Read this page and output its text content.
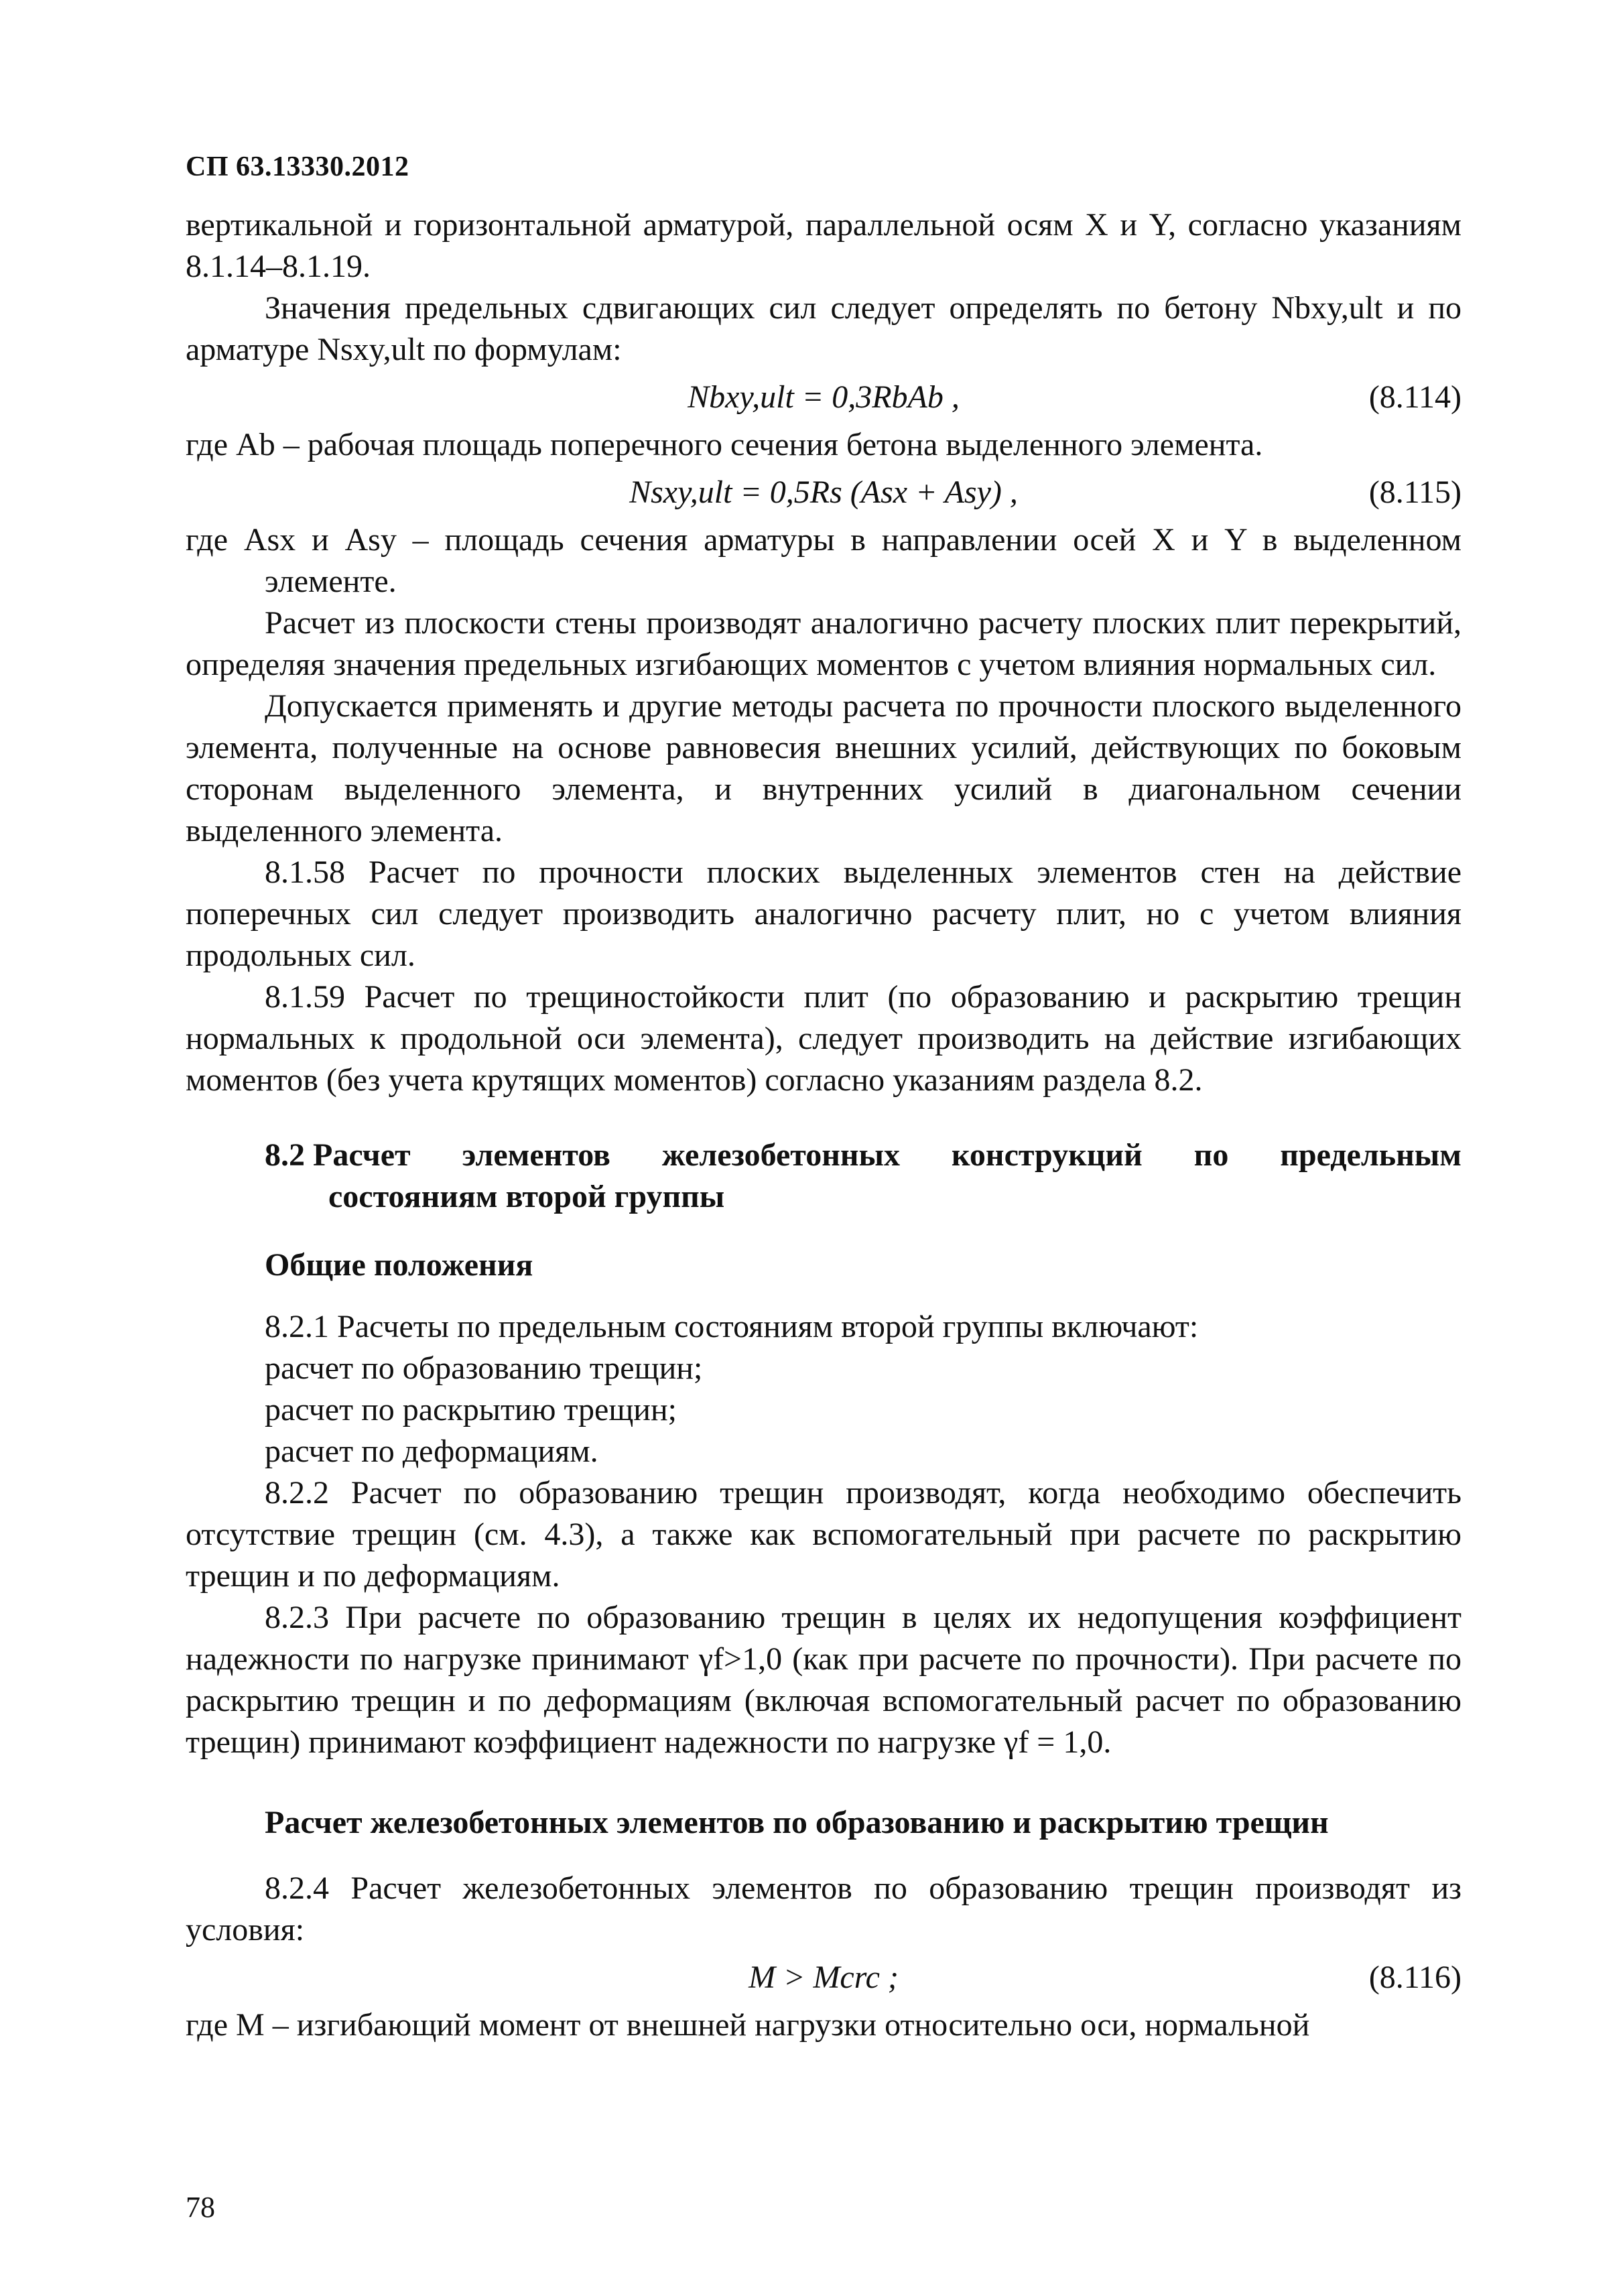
СП 63.13330.2012

вертикальной и горизонтальной арматурой, параллельной осям X и Y, согласно указаниям 8.1.14–8.1.19.

Значения предельных сдвигающих сил следует определять по бетону Nbxy,ult и по арматуре Nsxy,ult по формулам:

Nbxy,ult = 0,3RbAb ,	(8.114)

где Ab – рабочая площадь поперечного сечения бетона выделенного элемента.

Nsxy,ult = 0,5Rs (Asx + Asy) ,	(8.115)

где Asx и Asy – площадь сечения арматуры в направлении осей X и Y в выделенном элементе.

Расчет из плоскости стены производят аналогично расчету плоских плит перекрытий, определяя значения предельных изгибающих моментов с учетом влияния нормальных сил.

Допускается применять и другие методы расчета по прочности плоского выделенного элемента, полученные на основе равновесия внешних усилий, действующих по боковым сторонам выделенного элемента, и внутренних усилий в диагональном сечении выделенного элемента.

8.1.58 Расчет по прочности плоских выделенных элементов стен на действие поперечных сил следует производить аналогично расчету плит, но с учетом влияния продольных сил.

8.1.59 Расчет по трещиностойкости плит (по образованию и раскрытию трещин нормальных к продольной оси элемента), следует производить на действие изгибающих моментов (без учета крутящих моментов) согласно указаниям раздела 8.2.

8.2 Расчет элементов железобетонных конструкций по предельным
состояниям второй группы
Общие положения

8.2.1 Расчеты по предельным состояниям второй группы включают:

расчет по образованию трещин;

расчет по раскрытию трещин;

расчет по деформациям.

8.2.2 Расчет по образованию трещин производят, когда необходимо обеспечить отсутствие трещин (см. 4.3), а также как вспомогательный при расчете по раскрытию трещин и по деформациям.

8.2.3 При расчете по образованию трещин в целях их недопущения коэффициент надежности по нагрузке принимают γf>1,0 (как при расчете по прочности). При расчете по раскрытию трещин и по деформациям (включая вспомогательный расчет по образованию трещин) принимают коэффициент надежности по нагрузке γf = 1,0.

Расчет железобетонных элементов по образованию и раскрытию трещин

8.2.4 Расчет железобетонных элементов по образованию трещин производят из условия:

M > Mcrc ;	(8.116)

где M – изгибающий момент от внешней нагрузки относительно оси, нормальной

78
